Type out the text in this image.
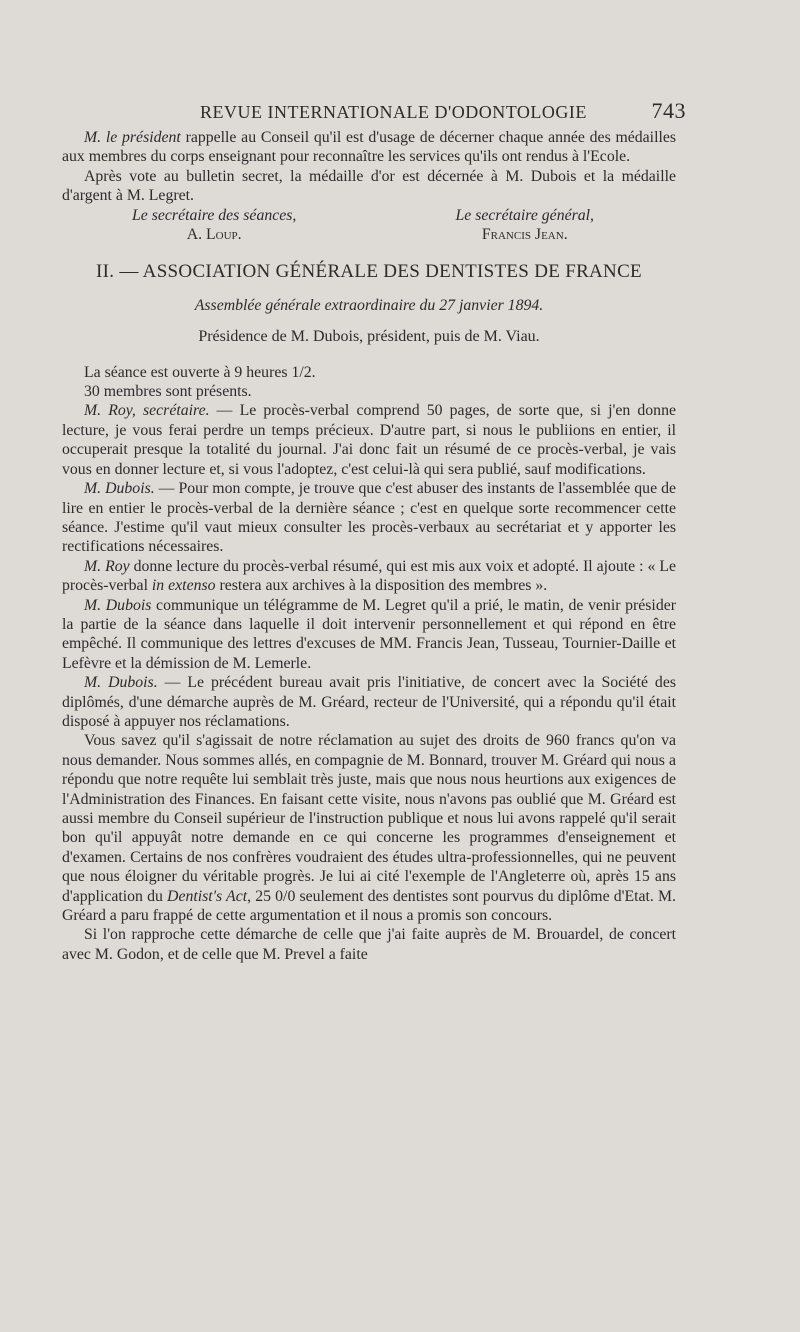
REVUE INTERNATIONALE D'ODONTOLOGIE	743

M. le président rappelle au Conseil qu'il est d'usage de décerner chaque année des médailles aux membres du corps enseignant pour reconnaître les services qu'ils ont rendus à l'Ecole.

Après vote au bulletin secret, la médaille d'or est décernée à M. Dubois et la médaille d'argent à M. Legret.

Le secrétaire des séances,
A. Loup.
Le secrétaire général,
Francis Jean.
II. — ASSOCIATION GÉNÉRALE DES DENTISTES DE FRANCE

Assemblée générale extraordinaire du 27 janvier 1894.

Présidence de M. Dubois, président, puis de M. Viau.

La séance est ouverte à 9 heures 1/2.

30 membres sont présents.

M. Roy, secrétaire. — Le procès-verbal comprend 50 pages, de sorte que, si j'en donne lecture, je vous ferai perdre un temps précieux. D'autre part, si nous le publiions en entier, il occuperait presque la totalité du journal. J'ai donc fait un résumé de ce procès-verbal, je vais vous en donner lecture et, si vous l'adoptez, c'est celui-là qui sera publié, sauf modifications.

M. Dubois. — Pour mon compte, je trouve que c'est abuser des instants de l'assemblée que de lire en entier le procès-verbal de la dernière séance ; c'est en quelque sorte recommencer cette séance. J'estime qu'il vaut mieux consulter les procès-verbaux au secrétariat et y apporter les rectifications nécessaires.

M. Roy donne lecture du procès-verbal résumé, qui est mis aux voix et adopté. Il ajoute : « Le procès-verbal in extenso restera aux archives à la disposition des membres ».

M. Dubois communique un télégramme de M. Legret qu'il a prié, le matin, de venir présider la partie de la séance dans laquelle il doit intervenir personnellement et qui répond en être empêché. Il communique des lettres d'excuses de MM. Francis Jean, Tusseau, Tournier-Daille et Lefèvre et la démission de M. Lemerle.

M. Dubois. — Le précédent bureau avait pris l'initiative, de concert avec la Société des diplômés, d'une démarche auprès de M. Gréard, recteur de l'Université, qui a répondu qu'il était disposé à appuyer nos réclamations.

Vous savez qu'il s'agissait de notre réclamation au sujet des droits de 960 francs qu'on va nous demander. Nous sommes allés, en compagnie de M. Bonnard, trouver M. Gréard qui nous a répondu que notre requête lui semblait très juste, mais que nous nous heurtions aux exigences de l'Administration des Finances. En faisant cette visite, nous n'avons pas oublié que M. Gréard est aussi membre du Conseil supérieur de l'instruction publique et nous lui avons rappelé qu'il serait bon qu'il appuyât notre demande en ce qui concerne les programmes d'enseignement et d'examen. Certains de nos confrères voudraient des études ultra-professionnelles, qui ne peuvent que nous éloigner du véritable progrès. Je lui ai cité l'exemple de l'Angleterre où, après 15 ans d'application du Dentist's Act, 25 0/0 seulement des dentistes sont pourvus du diplôme d'Etat. M. Gréard a paru frappé de cette argumentation et il nous a promis son concours.

Si l'on rapproche cette démarche de celle que j'ai faite auprès de M. Brouardel, de concert avec M. Godon, et de celle que M. Prevel a faite
